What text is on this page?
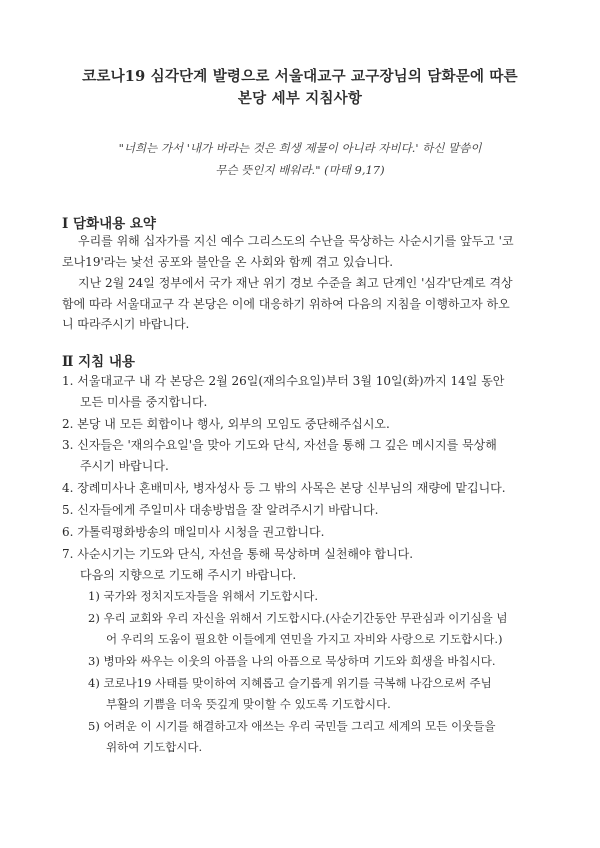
코로나19 심각단계 발령으로 서울대교구 교구장님의 담화문에 따른
본당 세부 지침사항
"너희는 가서 '내가 바라는 것은 희생 제물이 아니라 자비다.' 하신 말씀이
무슨 뜻인지 배워라." (마태 9,17)
Ⅰ 담화내용 요약
우리를 위해 십자가를 지신 예수 그리스도의 수난을 묵상하는 사순시기를 앞두고 '코
로나19'라는 낯선 공포와 불안을 온 사회와 함께 겪고 있습니다.
지난 2월 24일 정부에서 국가 재난 위기 경보 수준을 최고 단계인 '심각'단계로 격상
함에 따라 서울대교구 각 본당은 이에 대응하기 위하여 다음의 지침을 이행하고자 하오
니 따라주시기 바랍니다.
Ⅱ 지침 내용
1. 서울대교구 내 각 본당은 2월 26일(재의수요일)부터 3월 10일(화)까지 14일 동안
모든 미사를 중지합니다.
2. 본당 내 모든 회합이나 행사, 외부의 모임도 중단해주십시오.
3. 신자들은 '재의수요일'을 맞아 기도와 단식, 자선을 통해 그 깊은 메시지를 묵상해
주시기 바랍니다.
4. 장례미사나 혼배미사, 병자성사 등 그 밖의 사목은 본당 신부님의 재량에 맡깁니다.
5. 신자들에게 주일미사 대송방법을 잘 알려주시기 바랍니다.
6. 가톨릭평화방송의 매일미사 시청을 권고합니다.
7. 사순시기는 기도와 단식, 자선을 통해 묵상하며 실천해야 합니다.
다음의 지향으로 기도해 주시기 바랍니다.
1) 국가와 정치지도자들을 위해서 기도합시다.
2) 우리 교회와 우리 자신을 위해서 기도합시다.(사순기간동안 무관심과 이기심을 넘
어 우리의 도움이 필요한 이들에게 연민을 가지고 자비와 사랑으로 기도합시다.)
3) 병마와 싸우는 이웃의 아픔을 나의 아픔으로 묵상하며 기도와 희생을 바칩시다.
4) 코로나19 사태를 맞이하여 지혜롭고 슬기롭게 위기를 극복해 나감으로써 주님
부활의 기쁨을 더욱 뜻깊게 맞이할 수 있도록 기도합시다.
5) 어려운 이 시기를 해결하고자 애쓰는 우리 국민들 그리고 세계의 모든 이웃들을
위하여 기도합시다.
